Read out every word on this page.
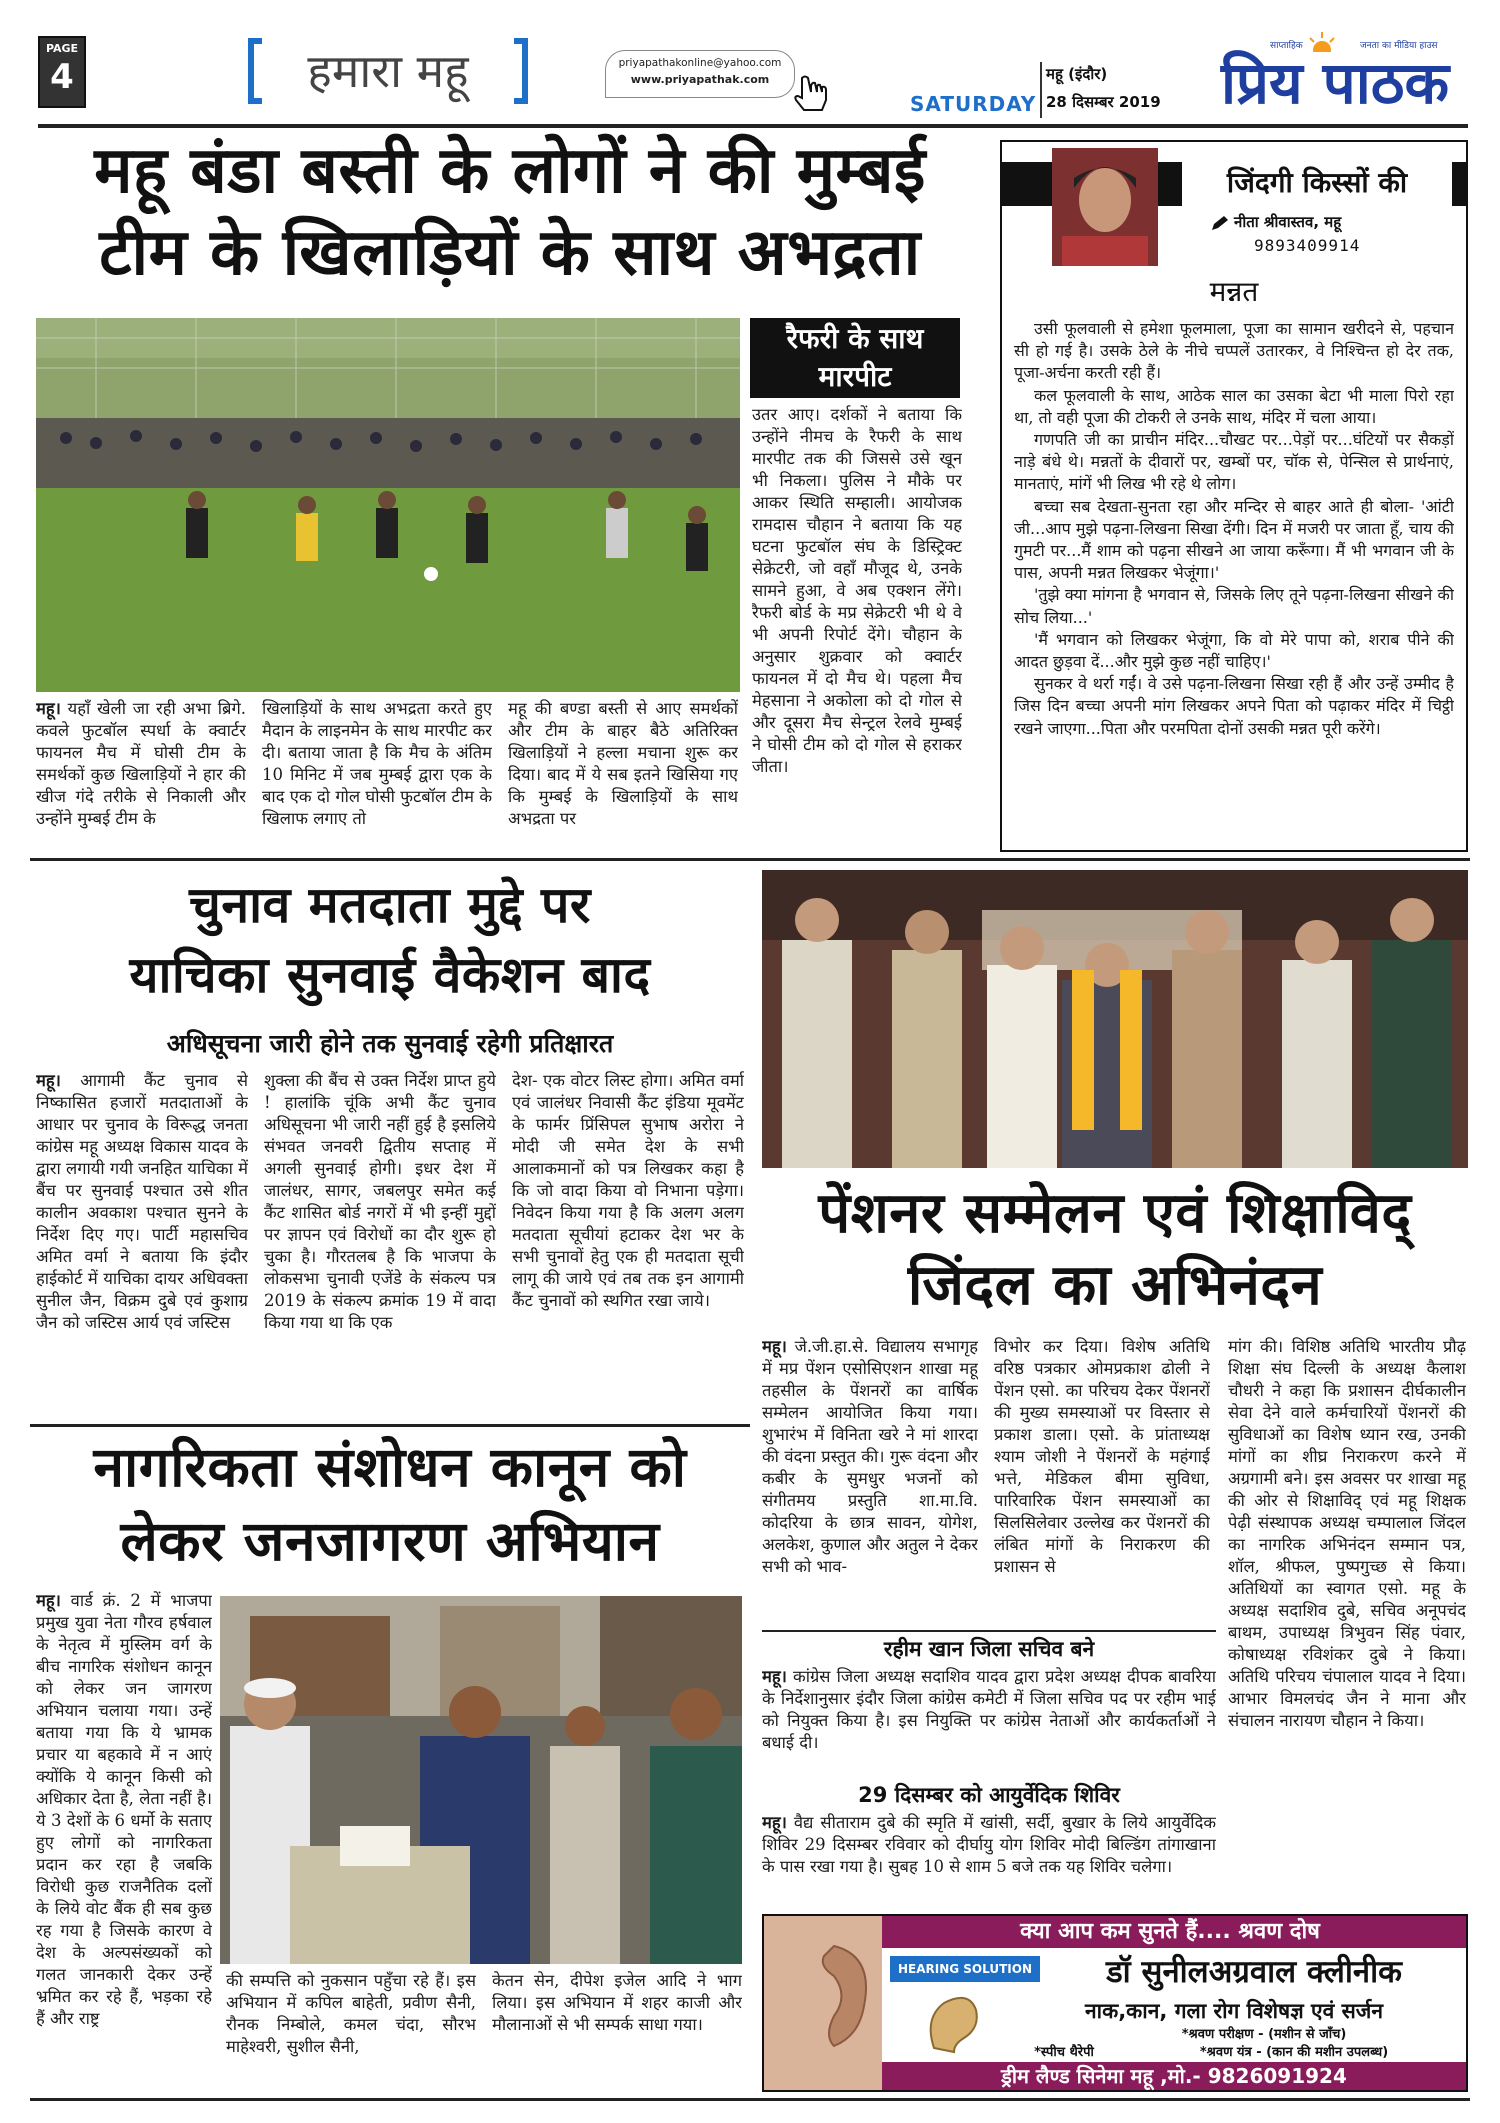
PAGE
4	हमारा महू	priyapathakonline@yahoo.com
www.priyapathak.com
SATURDAY
महू (इंदौर)
28 दिसम्बर 2019
साप्ताहिक	जनता का मीडिया हाउस
प्रिय पाठक
महू बंडा बस्ती के लोगों ने की मुम्बई
टीम के खिलाड़ियों के साथ अभद्रता
रैफरी के साथ
मारपीट
महू। यहाँ खेली जा रही अभा ब्रिगे. कवले फुटबॉल स्पर्धा के क्वार्टर फायनल मैच में घोसी टीम के समर्थकों कुछ खिलाड़ियों ने हार की खीज गंदे तरीके से निकाली और उन्होंने मुम्बई टीम के
खिलाड़ियों के साथ अभद्रता करते हुए मैदान के लाइनमेन के साथ मारपीट कर दी। बताया जाता है कि मैच के अंतिम 10 मिनिट में जब मुम्बई द्वारा एक के बाद एक दो गोल घोसी फुटबॉल टीम के खिलाफ लगाए तो
महू की बण्डा बस्ती से आए समर्थकों और टीम के बाहर बैठे अतिरिक्त खिलाड़ियों ने हल्ला मचाना शुरू कर दिया। बाद में ये सब इतने खिसिया गए कि मुम्बई के खिलाड़ियों के साथ अभद्रता पर
उतर आए। दर्शकों ने बताया कि उन्होंने नीमच के रैफरी के साथ मारपीट तक की जिससे उसे खून भी निकला। पुलिस ने मौके पर आकर स्थिति सम्हाली। आयोजक रामदास चौहान ने बताया कि यह घटना फुटबॉल संघ के डिस्ट्रिक्ट सेक्रेटरी, जो वहाँ मौजूद थे, उनके सामने हुआ, वे अब एक्शन लेंगे। रैफरी बोर्ड के मप्र सेक्रेटरी भी थे वे भी अपनी रिपोर्ट देंगे। चौहान के अनुसार शुक्रवार को क्वार्टर फायनल में दो मैच थे। पहला मैच मेहसाना ने अकोला को दो गोल से और दूसरा मैच सेन्ट्रल रेलवे मुम्बई ने घोसी टीम को दो गोल से हराकर जीता।
जिंदगी किस्सों की
नीता श्रीवास्तव, महू
9893409914
मन्नत

उसी फूलवाली से हमेशा फूलमाला, पूजा का सामान खरीदने से, पहचान सी हो गई है। उसके ठेले के नीचे चप्पलें उतारकर, वे निश्चिन्त हो देर तक, पूजा-अर्चना करती रही हैं।

कल फूलवाली के साथ, आठेक साल का उसका बेटा भी माला पिरो रहा था, तो वही पूजा की टोकरी ले उनके साथ, मंदिर में चला आया।

गणपति जी का प्राचीन मंदिर...चौखट पर...पेड़ों पर...घंटियों पर सैकड़ों नाड़े बंधे थे। मन्नतों के दीवारों पर, खम्बों पर, चॉक से, पेन्सिल से प्रार्थनाएं, मानताएं, मांगें भी लिख भी रहे थे लोग।

बच्चा सब देखता-सुनता रहा और मन्दिर से बाहर आते ही बोला- 'आंटी जी...आप मुझे पढ़ना-लिखना सिखा देंगी। दिन में मजरी पर जाता हूँ, चाय की गुमटी पर...मैं शाम को पढ़ना सीखने आ जाया करूँगा। मैं भी भगवान जी के पास, अपनी मन्नत लिखकर भेजूंगा।'

'तुझे क्या मांगना है भगवान से, जिसके लिए तूने पढ़ना-लिखना सीखने की सोच लिया...'

'मैं भगवान को लिखकर भेजूंगा, कि वो मेरे पापा को, शराब पीने की आदत छुड़वा दें...और मुझे कुछ नहीं चाहिए।'

सुनकर वे थर्रा गईं। वे उसे पढ़ना-लिखना सिखा रही हैं और उन्हें उम्मीद है जिस दिन बच्चा अपनी मांग लिखकर अपने पिता को पढ़ाकर मंदिर में चिट्ठी रखने जाएगा...पिता और परमपिता दोनों उसकी मन्नत पूरी करेंगे।

चुनाव मतदाता मुद्दे पर
याचिका सुनवाई वैकेशन बाद
अधिसूचना जारी होने तक सुनवाई रहेगी प्रतिक्षारत
महू। आगामी कैंट चुनाव से निष्कासित हजारों मतदाताओं के आधार पर चुनाव के विरूद्ध जनता कांग्रेस महू अध्यक्ष विकास यादव के द्वारा लगायी गयी जनहित याचिका में बैंच पर सुनवाई पश्चात उसे शीत कालीन अवकाश पश्चात सुनने के निर्देश दिए गए। पार्टी महासचिव अमित वर्मा ने बताया कि इंदौर हाईकोर्ट में याचिका दायर अधिवक्ता सुनील जैन, विक्रम दुबे एवं कुशाग्र जैन को जस्टिस आर्य एवं जस्टिस
शुक्ला की बैंच से उक्त निर्देश प्राप्त हुये ! हालांकि चूंकि अभी कैंट चुनाव अधिसूचना भी जारी नहीं हुई है इसलिये संभवत जनवरी द्वितीय सप्ताह में अगली सुनवाई होगी। इधर देश में जालंधर, सागर, जबलपुर समेत कई कैंट शासित बोर्ड नगरों में भी इन्हीं मुद्दों पर ज्ञापन एवं विरोधों का दौर शुरू हो चुका है। गौरतलब है कि भाजपा के लोकसभा चुनावी एजेंडे के संकल्प पत्र 2019 के संकल्प क्रमांक 19 में वादा किया गया था कि एक
देश- एक वोटर लिस्ट होगा। अमित वर्मा एवं जालंधर निवासी कैंट इंडिया मूवमेंट के फार्मर प्रिंसिपल सुभाष अरोरा ने मोदी जी समेत देश के सभी आलाकमानों को पत्र लिखकर कहा है कि जो वादा किया वो निभाना पड़ेगा। निवेदन किया गया है कि अलग अलग मतदाता सूचीयां हटाकर देश भर के सभी चुनावों हेतु एक ही मतदाता सूची लागू की जाये एवं तब तक इन आगामी कैंट चुनावों को स्थगित रखा जाये।
पेंशनर सम्मेलन एवं शिक्षाविद्
जिंदल का अभिनंदन
महू। जे.जी.हा.से. विद्यालय सभागृह में मप्र पेंशन एसोसिएशन शाखा महू तहसील के पेंशनरों का वार्षिक सम्मेलन आयोजित किया गया। शुभारंभ में विनिता खरे ने मां शारदा की वंदना प्रस्तुत की। गुरू वंदना और कबीर के सुमधुर भजनों को संगीतमय प्रस्तुति शा.मा.वि. कोदरिया के छात्र सावन, योगेश, अलकेश, कुणाल और अतुल ने देकर सभी को भाव-
विभोर कर दिया। विशेष अतिथि वरिष्ठ पत्रकार ओमप्रकाश ढोली ने पेंशन एसो. का परिचय देकर पेंशनरों की मुख्य समस्याओं पर विस्तार से प्रकाश डाला। एसो. के प्रांताध्यक्ष श्याम जोशी ने पेंशनरों के महंगाई भत्ते, मेडिकल बीमा सुविधा, पारिवारिक पेंशन समस्याओं का सिलसिलेवार उल्लेख कर पेंशनरों की लंबित मांगों के निराकरण की प्रशासन से
मांग की। विशिष्ठ अतिथि भारतीय प्रौढ़ शिक्षा संघ दिल्ली के अध्यक्ष कैलाश चौधरी ने कहा कि प्रशासन दीर्घकालीन सेवा देने वाले कर्मचारियों पेंशनरों की सुविधाओं का विशेष ध्यान रख, उनकी मांगों का शीघ्र निराकरण करने में अग्रगामी बने। इस अवसर पर शाखा महू की ओर से शिक्षाविद् एवं महू शिक्षक पेढ़ी संस्थापक अध्यक्ष चम्पालाल जिंदल का नागरिक अभिनंदन सम्मान पत्र, शॉल, श्रीफल, पुष्पगुच्छ से किया। अतिथियों का स्वागत एसो. महू के अध्यक्ष सदाशिव दुबे, सचिव अनूपचंद बाथम, उपाध्यक्ष त्रिभुवन सिंह पंवार, कोषाध्यक्ष रविशंकर दुबे ने किया। अतिथि परिचय चंपालाल यादव ने दिया। आभार विमलचंद जैन ने माना और संचालन नारायण चौहान ने किया।
रहीम खान जिला सचिव बने
महू। कांग्रेस जिला अध्यक्ष सदाशिव यादव द्वारा प्रदेश अध्यक्ष दीपक बावरिया के निर्देशानुसार इंदौर जिला कांग्रेस कमेटी में जिला सचिव पद पर रहीम भाई को नियुक्त किया है। इस नियुक्ति पर कांग्रेस नेताओं और कार्यकर्ताओं ने बधाई दी।
29 दिसम्बर को आयुर्वेदिक शिविर
महू। वैद्य सीताराम दुबे की स्मृति में खांसी, सर्दी, बुखार के लिये आयुर्वेदिक शिविर 29 दिसम्बर रविवार को दीर्घायु योग शिविर मोदी बिल्डिंग तांगाखाना के पास रखा गया है। सुबह 10 से शाम 5 बजे तक यह शिविर चलेगा।
नागरिकता संशोधन कानून को
लेकर जनजागरण अभियान
महू। वार्ड क्रं. 2 में भाजपा प्रमुख युवा नेता गौरव हर्षवाल के नेतृत्व में मुस्लिम वर्ग के बीच नागरिक संशोधन कानून को लेकर जन जागरण अभियान चलाया गया। उन्हें बताया गया कि ये भ्रामक प्रचार या बहकावे में न आएं क्योंकि ये कानून किसी को अधिकार देता है, लेता नहीं है। ये 3 देशों के 6 धर्मो के सताए हुए लोगों को नागरिकता प्रदान कर रहा है जबकि विरोधी कुछ राजनैतिक दलों के लिये वोट बैंक ही सब कुछ रह गया है जिसके कारण वे देश के अल्पसंख्यकों को गलत जानकारी देकर उन्हें भ्रमित कर रहे हैं, भड़का रहे हैं और राष्ट्र
की सम्पत्ति को नुकसान पहुँचा रहे हैं। इस अभियान में कपिल बाहेती, प्रवीण सैनी, रौनक निम्बोले, कमल चंदा, सौरभ माहेश्वरी, सुशील सैनी,
केतन सेन, दीपेश इजेल आदि ने भाग लिया। इस अभियान में शहर काजी और मौलानाओं से भी सम्पर्क साधा गया।
क्या आप कम सुनते हैं.... श्रवण दोष
HEARING SOLUTION	डॉ सुनीलअग्रवाल क्लीनीक
नाक,कान, गला रोग विशेषज्ञ एवं सर्जन
*श्रवण परीक्षण - (मशीन से जाँच)
*स्पीच थैरेपी	*श्रवण यंत्र - (कान की मशीन उपलब्ध)
ड्रीम लैण्ड सिनेमा महू ,मो.- 9826091924
